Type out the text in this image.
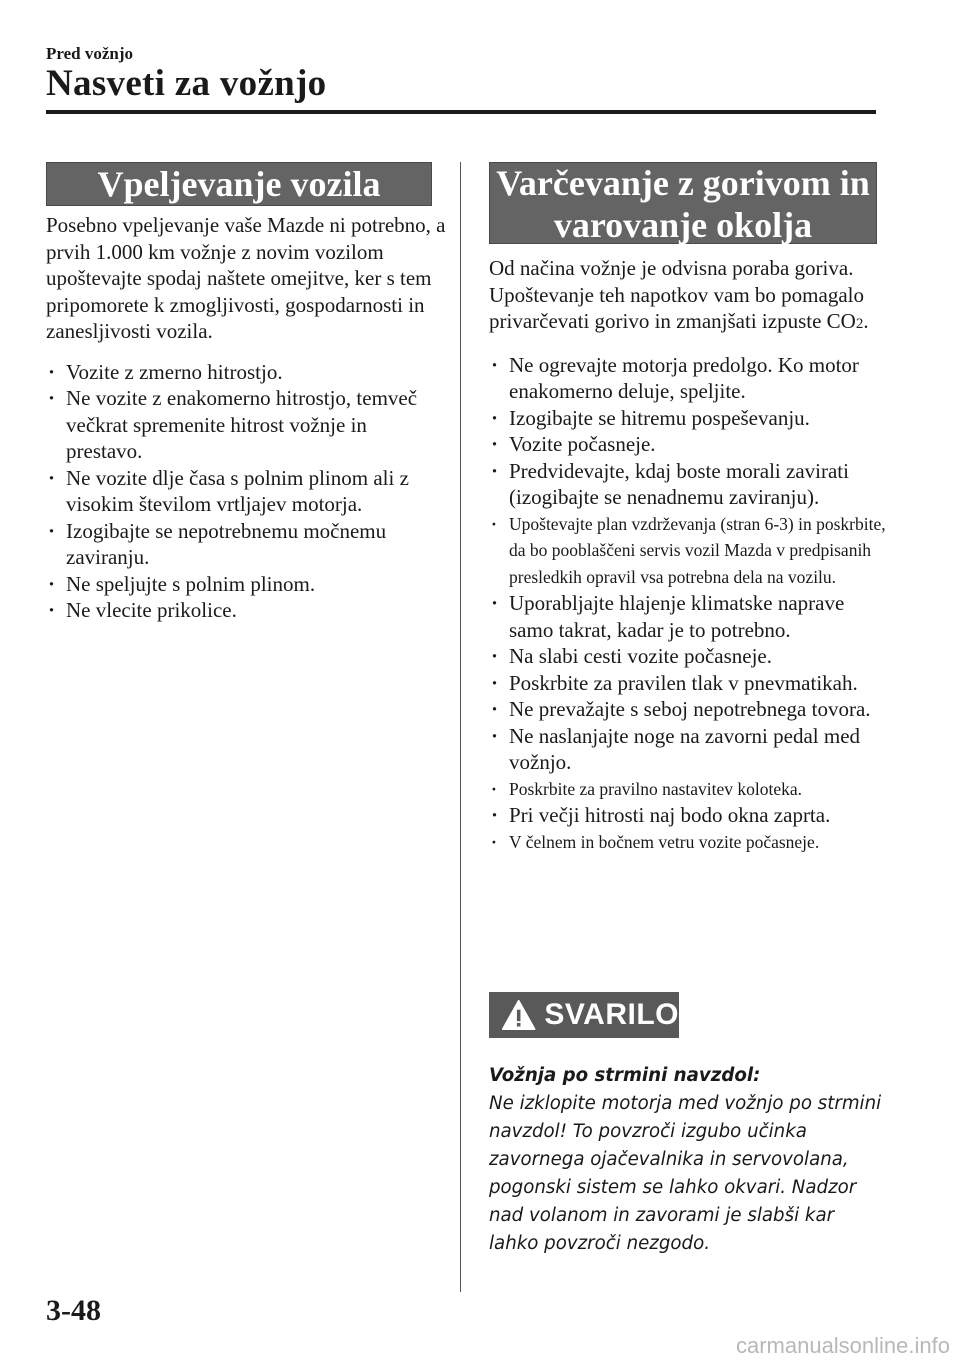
Pred vožnjo
Nasveti za vožnjo
Vpeljevanje vozila

Posebno vpeljevanje vaše Mazde ni potrebno, a prvih 1.000 km vožnje z novim vozilom upoštevajte spodaj naštete omejitve, ker s tem pripomorete k zmogljivosti, gospodarnosti in zanesljivosti vozila.

· Vozite z zmerno hitrostjo.
· Ne vozite z enakomerno hitrostjo, temveč večkrat spremenite hitrost vožnje in prestavo.
· Ne vozite dlje časa s polnim plinom ali z visokim številom vrtljajev motorja.
· Izogibajte se nepotrebnemu močnemu zaviranju.
· Ne speljujte s polnim plinom.
· Ne vlecite prikolice.
Varčevanje z gorivom in
varovanje okolja

Od načina vožnje je odvisna poraba goriva. Upoštevanje teh napotkov vam bo pomagalo privarčevati gorivo in zmanjšati izpuste CO2.

· Ne ogrevajte motorja predolgo. Ko motor enakomerno deluje, speljite.
· Izogibajte se hitremu pospeševanju.
· Vozite počasneje.
· Predvidevajte, kdaj boste morali zavirati (izogibajte se nenadnemu zaviranju).
· Upoštevajte plan vzdrževanja (stran 6-3) in poskrbite, da bo pooblaščeni servis vozil Mazda v predpisanih presledkih opravil vsa potrebna dela na vozilu.
· Uporabljajte hlajenje klimatske naprave samo takrat, kadar je to potrebno.
· Na slabi cesti vozite počasneje.
· Poskrbite za pravilen tlak v pnevmatikah.
· Ne prevažajte s seboj nepotrebnega tovora.
· Ne naslanjajte noge na zavorni pedal med vožnjo.
· Poskrbite za pravilno nastavitev koloteka.
· Pri večji hitrosti naj bodo okna zaprta.
· V čelnem in bočnem vetru vozite počasneje.
SVARILO
Vožnja po strmini navzdol:
Ne izklopite motorja med vožnjo po strmini navzdol! To povzroči izgubo učinka zavornega ojačevalnika in servovolana, pogonski sistem se lahko okvari. Nadzor nad volanom in zavorami je slabši kar lahko povzroči nezgodo.
3-48
carmanualsonline.info
